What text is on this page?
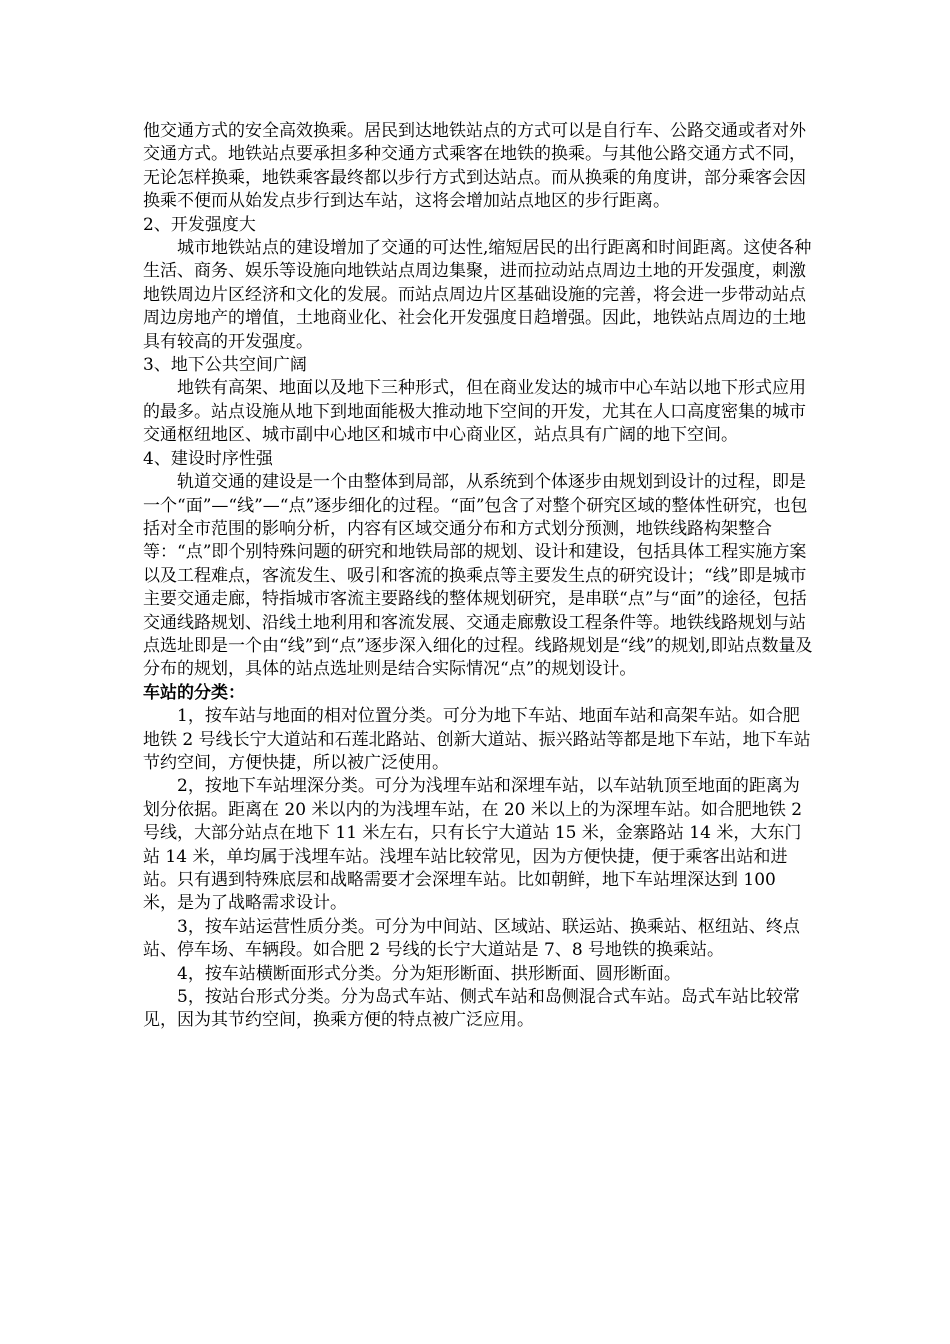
他交通方式的安全高效换乘。居民到达地铁站点的方式可以是自行车、公路交通或者对外交通方式。地铁站点要承担多种交通方式乘客在地铁的换乘。与其他公路交通方式不同，无论怎样换乘，地铁乘客最终都以步行方式到达站点。而从换乘的角度讲，部分乘客会因换乘不便而从始发点步行到达车站，这将会增加站点地区的步行距离。

2、开发强度大

城市地铁站点的建设增加了交通的可达性,缩短居民的出行距离和时间距离。这使各种生活、商务、娱乐等设施向地铁站点周边集聚，进而拉动站点周边土地的开发强度，刺激地铁周边片区经济和文化的发展。而站点周边片区基础设施的完善，将会进一步带动站点周边房地产的增值，土地商业化、社会化开发强度日趋增强。因此，地铁站点周边的土地具有较高的开发强度。

3、地下公共空间广阔

地铁有高架、地面以及地下三种形式，但在商业发达的城市中心车站以地下形式应用的最多。站点设施从地下到地面能极大推动地下空间的开发，尤其在人口高度密集的城市交通枢纽地区、城市副中心地区和城市中心商业区，站点具有广阔的地下空间。

4、建设时序性强

轨道交通的建设是一个由整体到局部，从系统到个体逐步由规划到设计的过程，即是一个“面”—“线”—“点”逐步细化的过程。“面”包含了对整个研究区域的整体性研究，也包括对全市范围的影响分析，内容有区域交通分布和方式划分预测，地铁线路构架整合等：“点”即个别特殊问题的研究和地铁局部的规划、设计和建设，包括具体工程实施方案以及工程难点，客流发生、吸引和客流的换乘点等主要发生点的研究设计；“线”即是城市主要交通走廊，特指城市客流主要路线的整体规划研究，是串联“点”与“面”的途径，包括交通线路规划、沿线土地利用和客流发展、交通走廊敷设工程条件等。地铁线路规划与站点选址即是一个由“线”到“点”逐步深入细化的过程。线路规划是“线”的规划,即站点数量及分布的规划，具体的站点选址则是结合实际情况“点”的规划设计。

车站的分类：

1，按车站与地面的相对位置分类。可分为地下车站、地面车站和高架车站。如合肥地铁 2 号线长宁大道站和石莲北路站、创新大道站、振兴路站等都是地下车站，地下车站节约空间，方便快捷，所以被广泛使用。

2，按地下车站埋深分类。可分为浅埋车站和深埋车站，以车站轨顶至地面的距离为划分依据。距离在 20 米以内的为浅埋车站，在 20 米以上的为深埋车站。如合肥地铁 2 号线，大部分站点在地下 11 米左右，只有长宁大道站 15 米，金寨路站 14 米，大东门站 14 米，单均属于浅埋车站。浅埋车站比较常见，因为方便快捷，便于乘客出站和进站。只有遇到特殊底层和战略需要才会深埋车站。比如朝鲜，地下车站埋深达到 100 米，是为了战略需求设计。

3，按车站运营性质分类。可分为中间站、区域站、联运站、换乘站、枢纽站、终点站、停车场、车辆段。如合肥 2 号线的长宁大道站是 7、8 号地铁的换乘站。

4，按车站横断面形式分类。分为矩形断面、拱形断面、圆形断面。

5，按站台形式分类。分为岛式车站、侧式车站和岛侧混合式车站。岛式车站比较常见，因为其节约空间，换乘方便的特点被广泛应用。
